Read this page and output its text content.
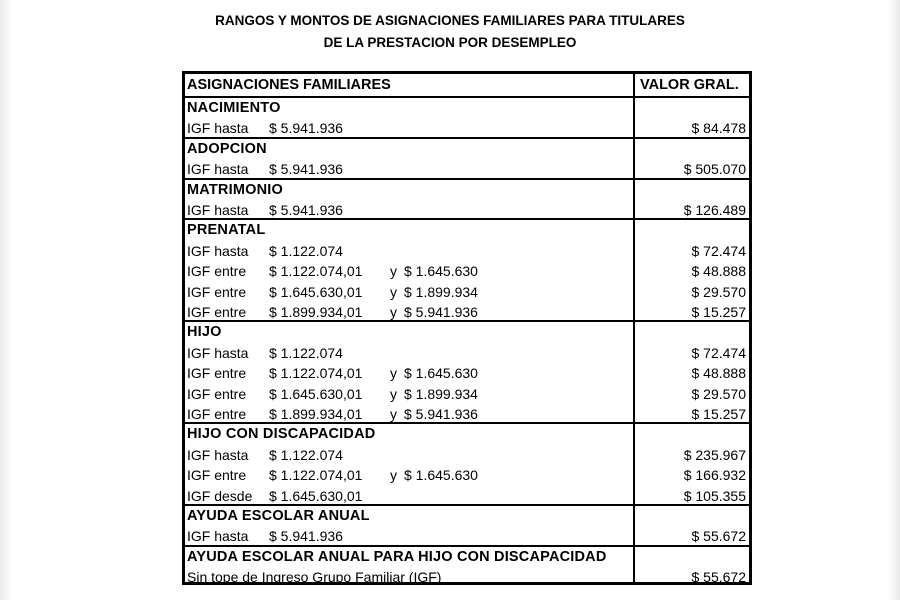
RANGOS Y MONTOS DE ASIGNACIONES FAMILIARES PARA TITULARES
DE LA PRESTACION POR DESEMPLEO
ASIGNACIONES FAMILIARES	VALOR GRAL.
NACIMIENTO
IGF hasta $ 5.941.936	$ 84.478
ADOPCION
IGF hasta $ 5.941.936	$ 505.070
MATRIMONIO
IGF hasta $ 5.941.936	$ 126.489
PRENATAL
IGF hasta $ 1.122.074	$ 72.474
IGF entre $ 1.122.074,01 y $ 1.645.630	$ 48.888
IGF entre $ 1.645.630,01 y $ 1.899.934	$ 29.570
IGF entre $ 1.899.934,01 y $ 5.941.936	$ 15.257
HIJO
IGF hasta $ 1.122.074	$ 72.474
IGF entre $ 1.122.074,01 y $ 1.645.630	$ 48.888
IGF entre $ 1.645.630,01 y $ 1.899.934	$ 29.570
IGF entre $ 1.899.934,01 y $ 5.941.936	$ 15.257
HIJO CON DISCAPACIDAD
IGF hasta $ 1.122.074	$ 235.967
IGF entre $ 1.122.074,01 y $ 1.645.630	$ 166.932
IGF desde $ 1.645.630,01	$ 105.355
AYUDA ESCOLAR ANUAL
IGF hasta $ 5.941.936	$ 55.672
AYUDA ESCOLAR ANUAL PARA HIJO CON DISCAPACIDAD
Sin tope de Ingreso Grupo Familiar (IGF)	$ 55.672
